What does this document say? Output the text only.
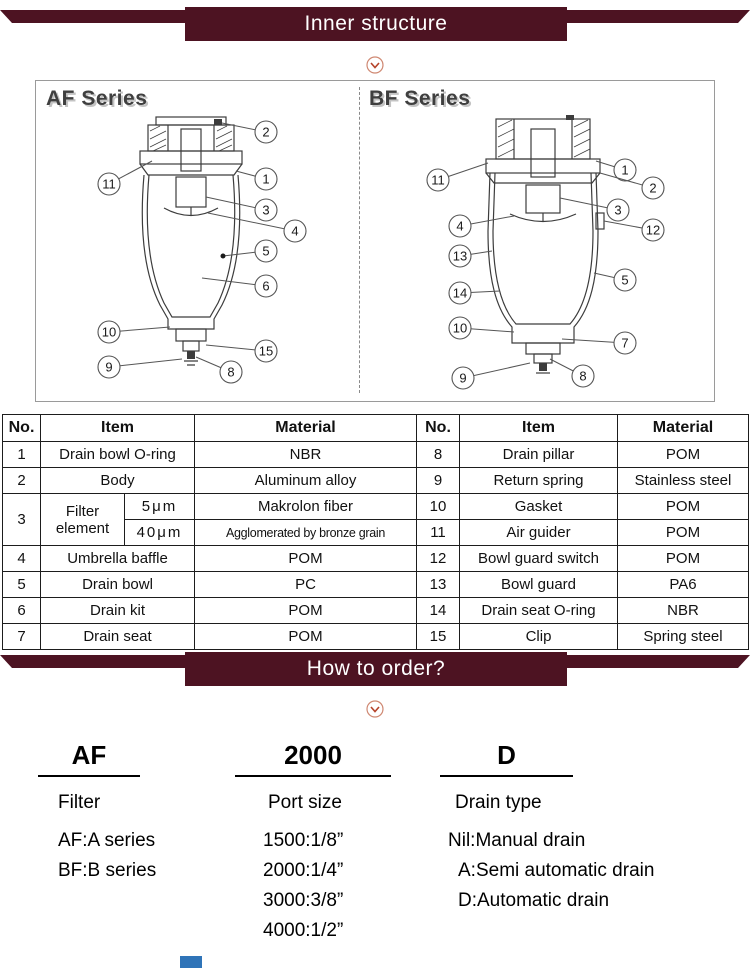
Inner structure
AF Series	BF Series
2
11	1
3
4
5
6
10
9
15
8
11
4
13
14
10
9
1
2
3
12
5
7
8
No.	Item		Material	No.	Item	Material
1	Drain bowl O-ring		NBR	8	Drain pillar	POM
2	Body		Aluminum alloy	9	Return spring	Stainless steel
3	Filter element	5μm	Makrolon fiber	10	Gasket	POM
		40μm	Agglomerated by bronze grain	11	Air guider	POM
4	Umbrella baffle		POM	12	Bowl guard switch	POM
5	Drain bowl		PC	13	Bowl guard	PA6
6	Drain kit		POM	14	Drain seat O-ring	NBR
7	Drain seat		POM	15	Clip	Spring steel
How to order?
AF	2000	D
Filter	Port size	Drain type
AF:A series
BF:B series
1500:1/8”
2000:1/4”
3000:3/8”
4000:1/2”
Nil:Manual drain
A:Semi automatic drain
D:Automatic drain
